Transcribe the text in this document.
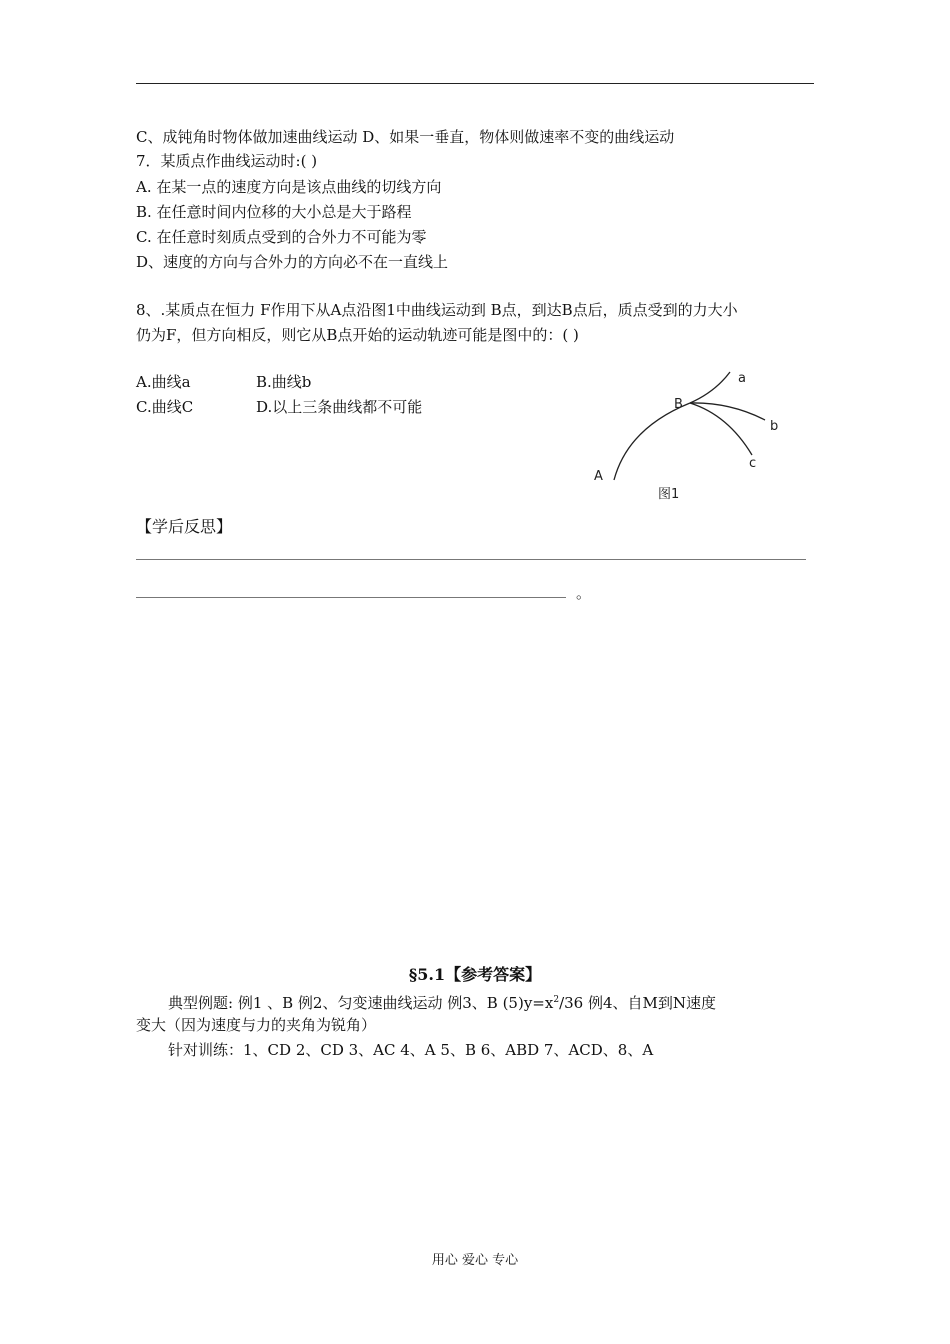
C、成钝角时物体做加速曲线运动 D、如果一垂直，物体则做速率不变的曲线运动
7．某质点作曲线运动时:( )
A. 在某一点的速度方向是该点曲线的切线方向
B. 在任意时间内位移的大小总是大于路程
C. 在任意时刻质点受到的合外力不可能为零
D、速度的方向与合外力的方向必不在一直线上
8、.某质点在恒力 F作用下从A点沿图1中曲线运动到 B点，到达B点后，质点受到的力大小
仍为F，但方向相反，则它从B点开始的运动轨迹可能是图中的：( )
A.曲线a	B.曲线b
C.曲线C	D.以上三条曲线都不可能
A
B
a
b
c
图1
【学后反思】
。
§5.1【参考答案】
典型例题: 例1 、B 例2、匀变速曲线运动 例3、B $(5)y=x^2/36$ 例4、自M到N速度
变大（因为速度与力的夹角为锐角）
针对训练：1、CD 2、CD 3、AC 4、A 5、B 6、ABD 7、ACD、8、A
用心 爱心 专心
